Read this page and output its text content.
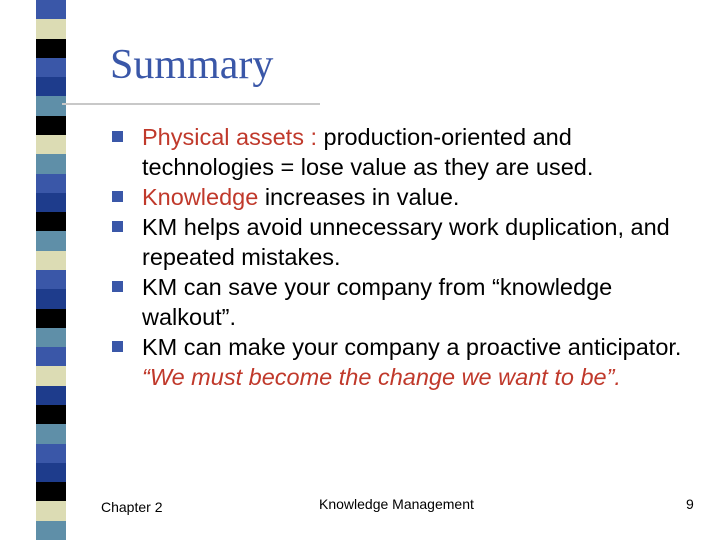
Summary
Physical assets : production-oriented and technologies = lose value as they are used.
Knowledge increases in value.
KM helps avoid unnecessary work duplication, and repeated mistakes.
KM can save your company from “knowledge walkout”.
KM can make your company a proactive anticipator. “We must become the change we want to be”.
Chapter 2	Knowledge Management	9
